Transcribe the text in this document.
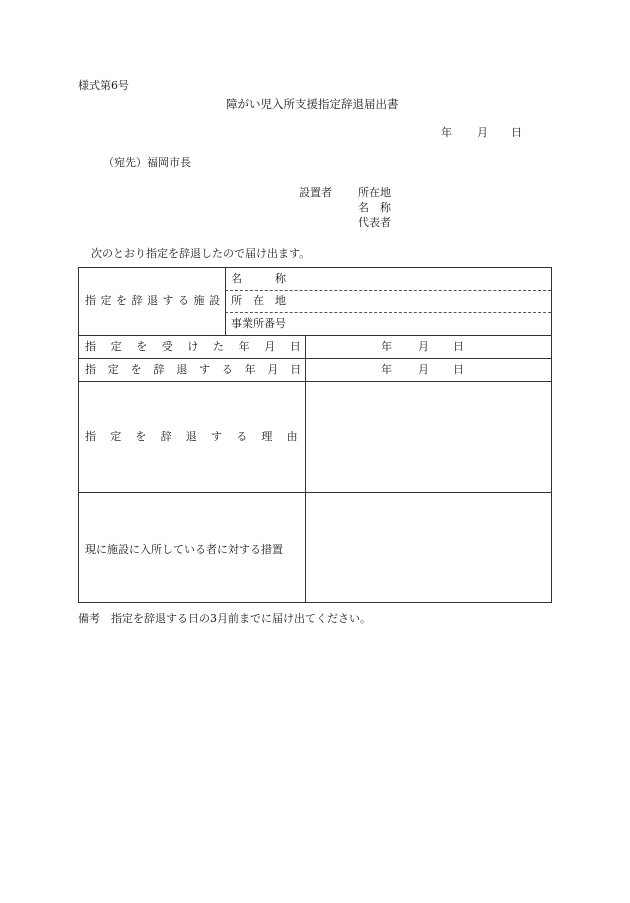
様式第6号
障がい児入所支援指定辞退届出書
年 月 日
（宛先）福岡市長
設置者 所在地
名　称
代表者
次のとおり指定を辞退したので届け出ます。
指定を辞退する施設
名　　　称
所　在　地
事業所番号
指定を受けた年月日	年 月 日
指定を辞退する年月日	年 月 日
指定を辞退する理由
現に施設に入所している者に対する措置
備考　指定を辞退する日の3月前までに届け出てください。
